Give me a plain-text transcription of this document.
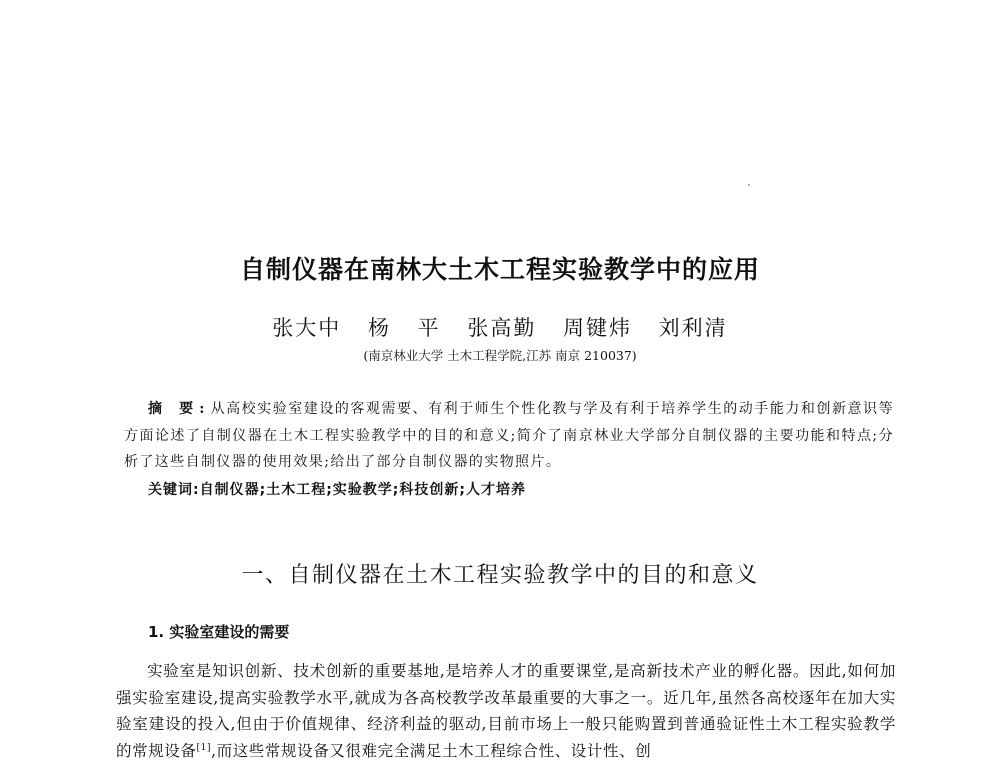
自制仪器在南林大土木工程实验教学中的应用
张大中 杨 平 张高勤 周键炜 刘利清
(南京林业大学 土木工程学院,江苏 南京 210037)
摘 要:从高校实验室建设的客观需要、有利于师生个性化教与学及有利于培养学生的动手能力和创新意识等方面论述了自制仪器在土木工程实验教学中的目的和意义;简介了南京林业大学部分自制仪器的主要功能和特点;分析了这些自制仪器的使用效果;给出了部分自制仪器的实物照片。
关键词:自制仪器;土木工程;实验教学;科技创新;人才培养
一、自制仪器在土木工程实验教学中的目的和意义
1. 实验室建设的需要
实验室是知识创新、技术创新的重要基地,是培养人才的重要课堂,是高新技术产业的孵化器。因此,如何加强实验室建设,提高实验教学水平,就成为各高校教学改革最重要的大事之一。近几年,虽然各高校逐年在加大实验室建设的投入,但由于价值规律、经济利益的驱动,目前市场上一般只能购置到普通验证性土木工程实验教学的常规设备[1],而这些常规设备又很难完全满足土木工程综合性、设计性、创
